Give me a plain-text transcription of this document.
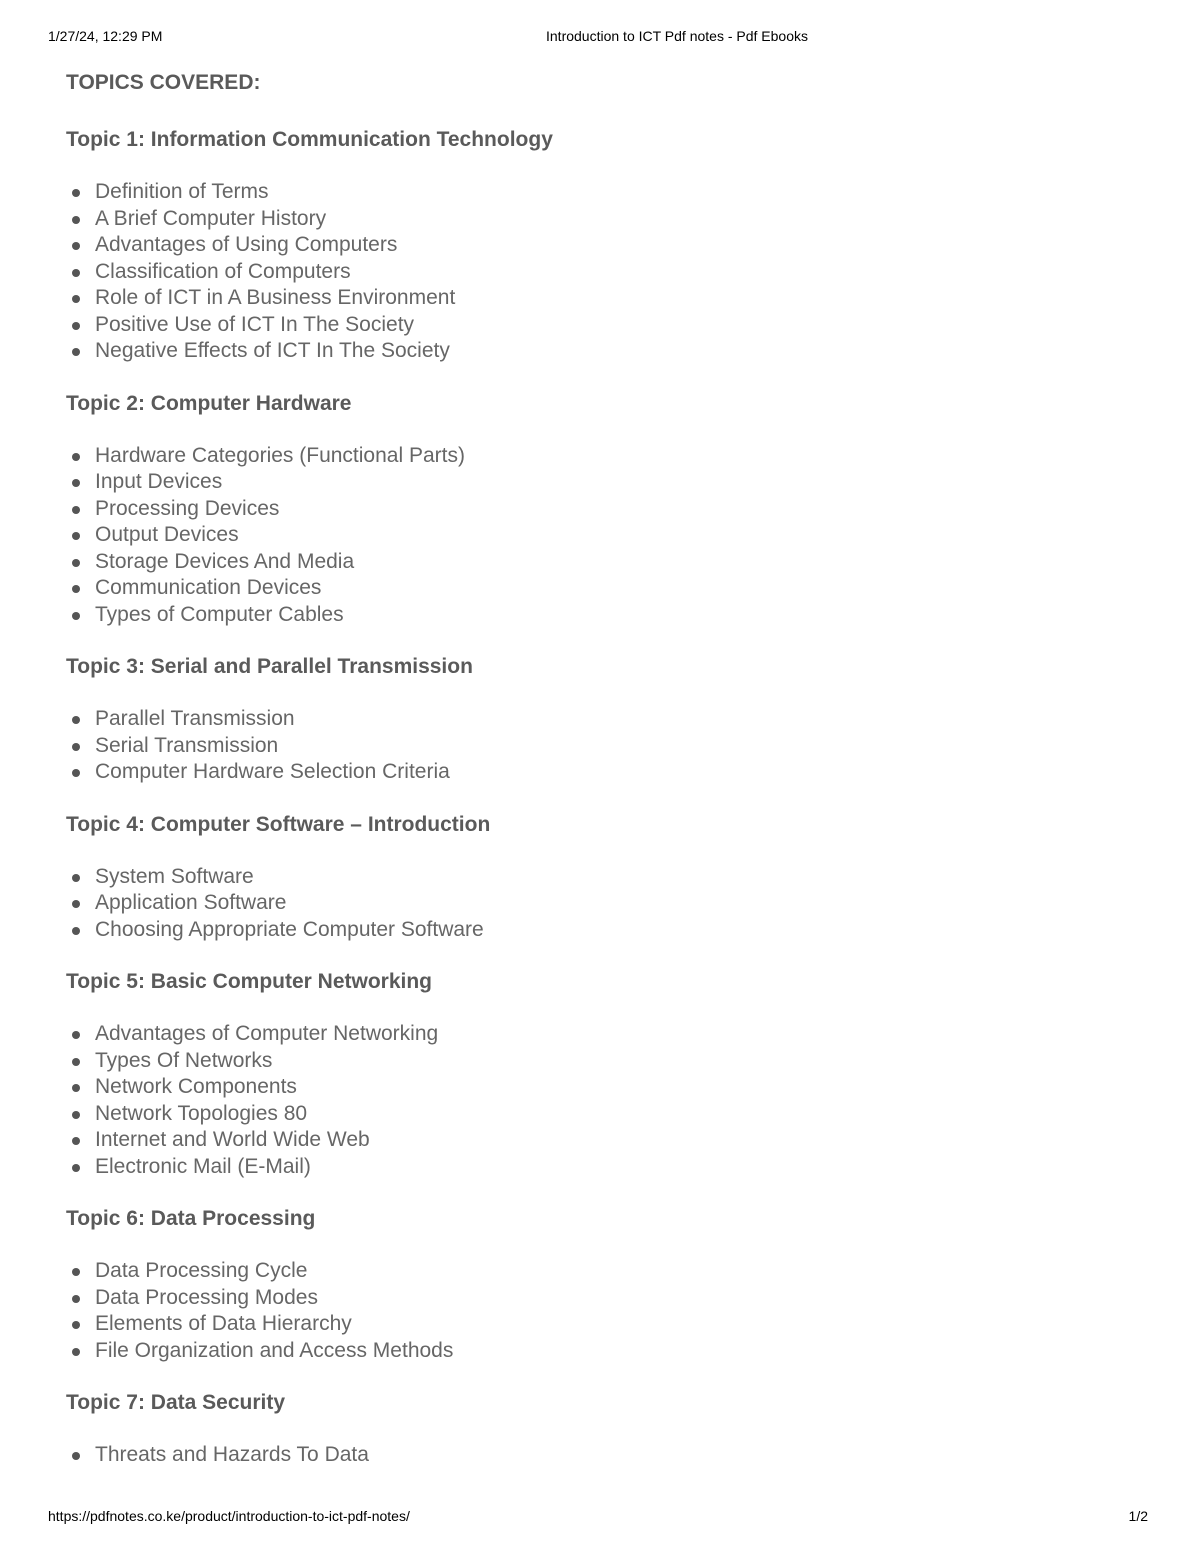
1/27/24, 12:29 PM	Introduction to ICT Pdf notes - Pdf Ebooks
TOPICS COVERED:
Topic 1: Information Communication Technology
Definition of Terms
A Brief Computer History
Advantages of Using Computers
Classification of Computers
Role of ICT in A Business Environment
Positive Use of ICT In The Society
Negative Effects of ICT In The Society
Topic 2: Computer Hardware
Hardware Categories (Functional Parts)
Input Devices
Processing Devices
Output Devices
Storage Devices And Media
Communication Devices
Types of Computer Cables
Topic 3: Serial and Parallel Transmission
Parallel Transmission
Serial Transmission
Computer Hardware Selection Criteria
Topic 4: Computer Software – Introduction
System Software
Application Software
Choosing Appropriate Computer Software
Topic 5: Basic Computer Networking
Advantages of Computer Networking
Types Of Networks
Network Components
Network Topologies 80
Internet and World Wide Web
Electronic Mail (E-Mail)
Topic 6: Data Processing
Data Processing Cycle
Data Processing Modes
Elements of Data Hierarchy
File Organization and Access Methods
Topic 7: Data Security
Threats and Hazards To Data
https://pdfnotes.co.ke/product/introduction-to-ict-pdf-notes/	1/2
